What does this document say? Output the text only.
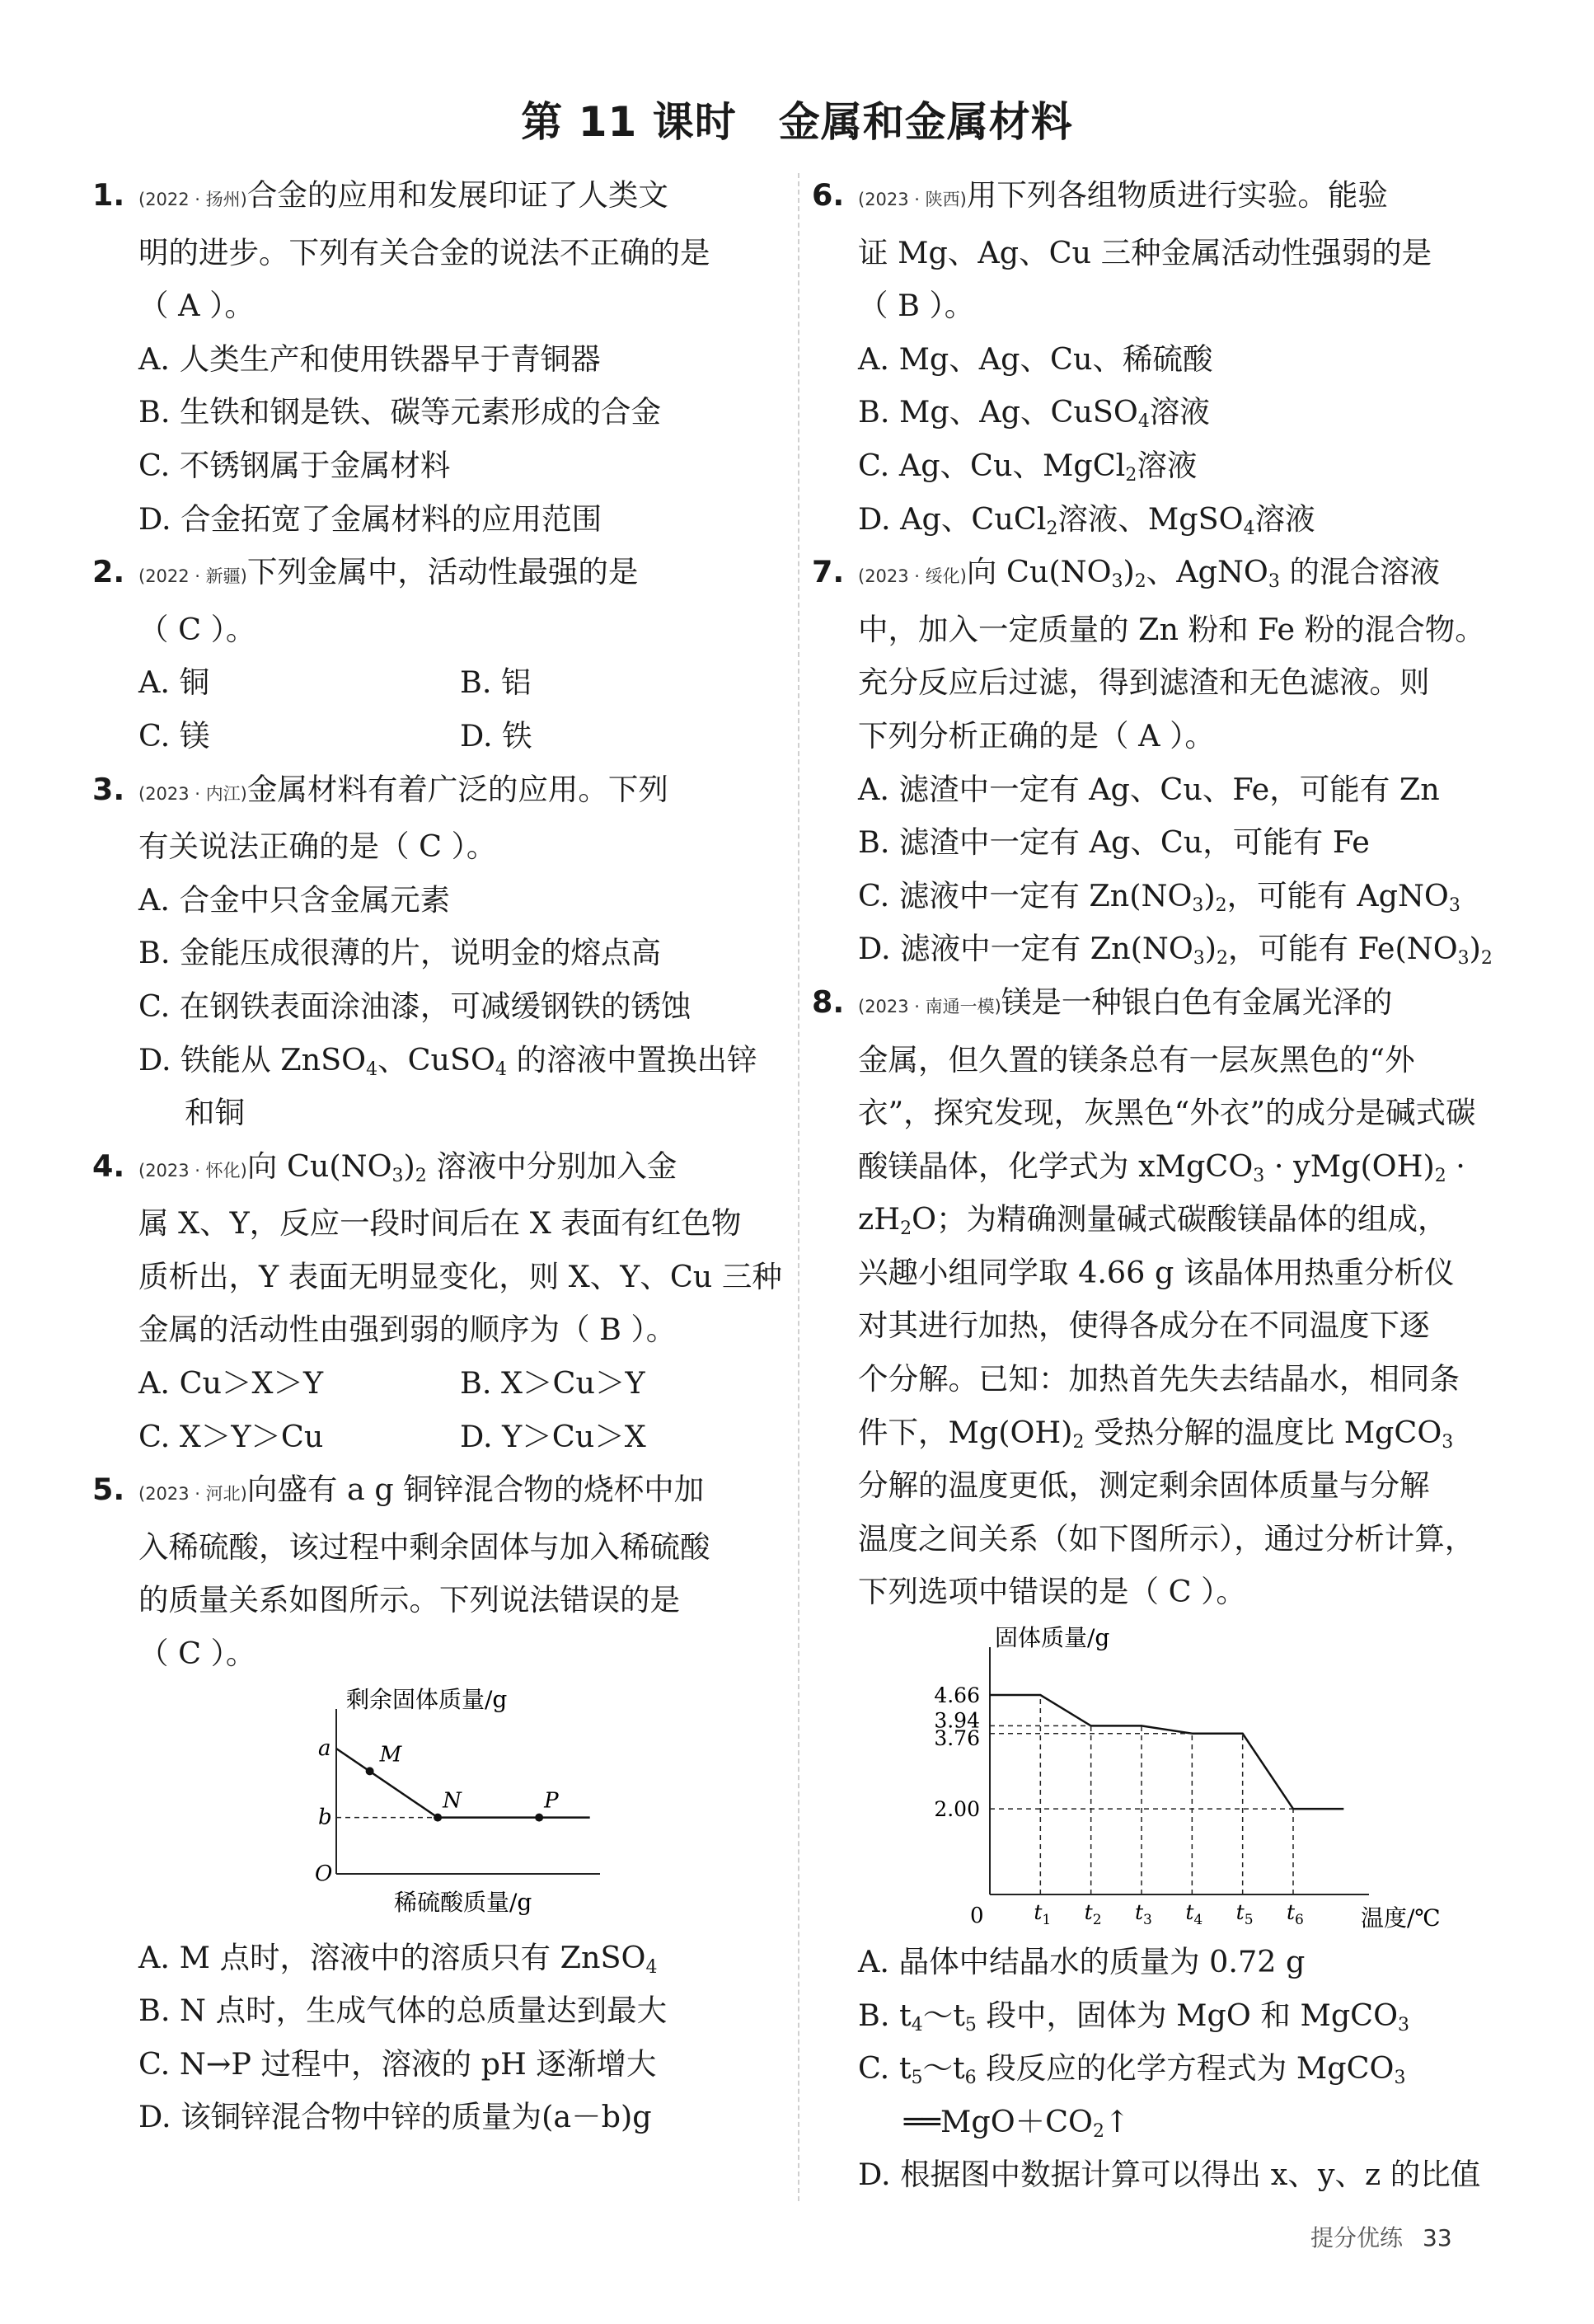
第 11 课时　金属和金属材料
1. (2022 · 扬州)合金的应用和发展印证了人类文
明的进步。下列有关合金的说法不正确的是
（ A ）。
A. 人类生产和使用铁器早于青铜器
B. 生铁和钢是铁、碳等元素形成的合金
C. 不锈钢属于金属材料
D. 合金拓宽了金属材料的应用范围
2. (2022 · 新疆)下列金属中，活动性最强的是
（ C ）。
A. 铜	B. 铝
C. 镁	D. 铁
3. (2023 · 内江)金属材料有着广泛的应用。下列
有关说法正确的是（ C ）。
A. 合金中只含金属元素
B. 金能压成很薄的片，说明金的熔点高
C. 在钢铁表面涂油漆，可减缓钢铁的锈蚀
D. 铁能从 ZnSO$_4$、CuSO$_4$ 的溶液中置换出锌
和铜
4. (2023 · 怀化)向 $Cu(NO_3)_2$ 溶液中分别加入金
属 X、Y，反应一段时间后在 X 表面有红色物
质析出，Y 表面无明显变化，则 X、Y、Cu 三种
金属的活动性由强到弱的顺序为（ B ）。
A. Cu＞X＞Y	B. X＞Cu＞Y
C. X＞Y＞Cu	D. Y＞Cu＞X
5. (2023 · 河北)向盛有 a g 铜锌混合物的烧杯中加
入稀硫酸，该过程中剩余固体与加入稀硫酸
的质量关系如图所示。下列说法错误的是
（ C ）。
剩余固体质量/g
稀硫酸质量/g
O
a
b
M
N	P
A. M 点时，溶液中的溶质只有 ZnSO$_4$
B. N 点时，生成气体的总质量达到最大
C. N→P 过程中，溶液的 pH 逐渐增大
D. 该铜锌混合物中锌的质量为(a－b)g
6. (2023 · 陕西)用下列各组物质进行实验。能验
证 Mg、Ag、Cu 三种金属活动性强弱的是
（ B ）。
A. Mg、Ag、Cu、稀硫酸
B. Mg、Ag、CuSO$_4$溶液
C. Ag、Cu、MgCl$_2$溶液
D. Ag、CuCl$_2$溶液、MgSO$_4$溶液
7. (2023 · 绥化)向 $Cu(NO_3)_2$、AgNO$_3$ 的混合溶液
中，加入一定质量的 Zn 粉和 Fe 粉的混合物。
充分反应后过滤，得到滤渣和无色滤液。则
下列分析正确的是（ A ）。
A. 滤渣中一定有 Ag、Cu、Fe，可能有 Zn
B. 滤渣中一定有 Ag、Cu，可能有 Fe
C. 滤液中一定有 $Zn(NO_3)_2$，可能有 AgNO$_3$
D. 滤液中一定有 $Zn(NO_3)_2$，可能有 $Fe(NO_3)_2$
8. (2023 · 南通一模)镁是一种银白色有金属光泽的
金属，但久置的镁条总有一层灰黑色的“外
衣”，探究发现，灰黑色“外衣”的成分是碱式碳
酸镁晶体，化学式为 xMgCO$_3$ · $yMg(OH)_2$ ·
$zH_2O$；为精确测量碱式碳酸镁晶体的组成，
兴趣小组同学取 4.66 g 该晶体用热重分析仪
对其进行加热，使得各成分在不同温度下逐
个分解。已知：加热首先失去结晶水，相同条
件下，$Mg(OH)_2$ 受热分解的温度比 MgCO$_3$
分解的温度更低，测定剩余固体质量与分解
温度之间关系（如下图所示），通过分析计算，
下列选项中错误的是（ C ）。
固体质量/g
温度/℃
0
4.66
3.94
3.76
2.00
$t_1$ $t_2$ $t_3$ $t_4$ $t_5$ $t_6$
A. 晶体中结晶水的质量为 0.72 g
B. $t_4\sim t_5$ 段中，固体为 MgO 和 MgCO$_3$
C. $t_5\sim t_6$ 段反应的化学方程式为 MgCO$_3$
$══MgO+CO_2↑$
D. 根据图中数据计算可以得出 x、y、z 的比值
提分优练 33
